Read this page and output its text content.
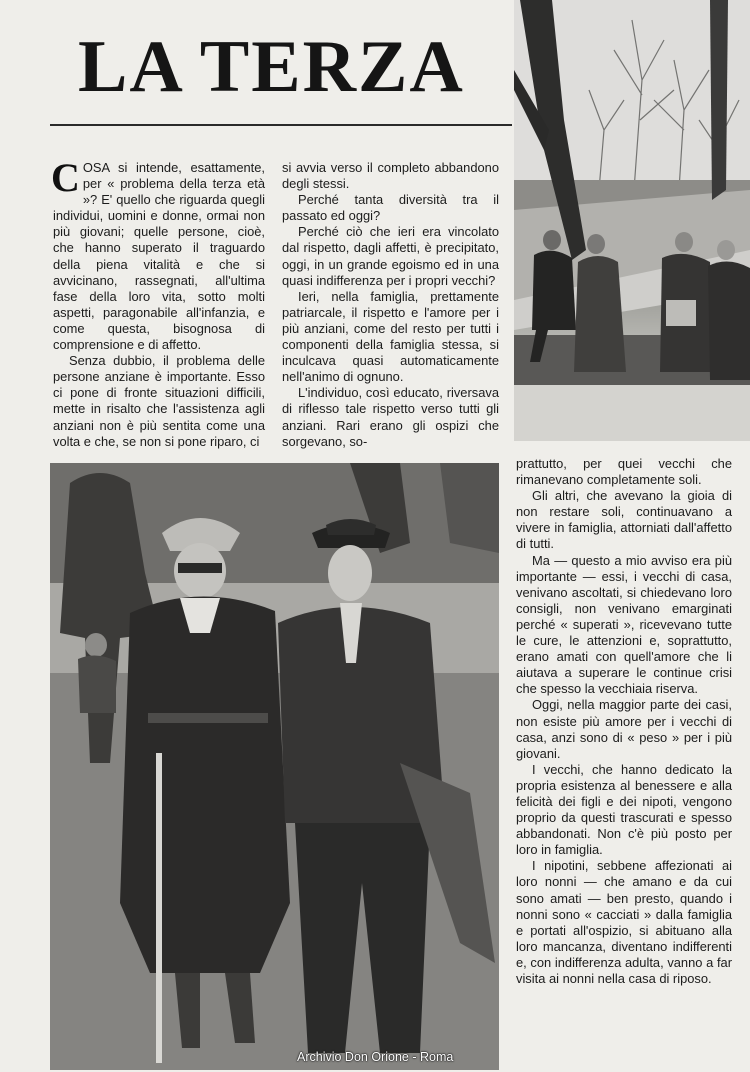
LA TERZA

COSA si intende, esattamente, per « problema della terza età »? E' quello che riguarda quegli individui, uomini e donne, ormai non più giovani; quelle persone, cioè, che hanno superato il traguardo della piena vitalità e che si avvicinano, rassegnati, all'ultima fase della loro vita, sotto molti aspetti, paragonabile all'infanzia, e come questa, bisognosa di comprensione e di affetto.

Senza dubbio, il problema delle persone anziane è importante. Esso ci pone di fronte situazioni difficili, mette in risalto che l'assistenza agli anziani non è più sentita come una volta e che, se non si pone riparo, ci

si avvia verso il completo abbandono degli stessi.

Perché tanta diversità tra il passato ed oggi?

Perché ciò che ieri era vincolato dal rispetto, dagli affetti, è precipitato, oggi, in un grande egoismo ed in una quasi indifferenza per i propri vecchi?

Ieri, nella famiglia, prettamente patriarcale, il rispetto e l'amore per i più anziani, come del resto per tutti i componenti della famiglia stessa, si inculcava quasi automaticamente nell'animo di ognuno.

L'individuo, così educato, riversava di riflesso tale rispetto verso tutti gli anziani. Rari erano gli ospizi che sorgevano, so-

prattutto, per quei vecchi che rimanevano completamente soli.

Gli altri, che avevano la gioia di non restare soli, continuavano a vivere in famiglia, attorniati dall'affetto di tutti.

Ma — questo a mio avviso era più importante — essi, i vecchi di casa, venivano ascoltati, si chiedevano loro consigli, non venivano emarginati perché « superati », ricevevano tutte le cure, le attenzioni e, soprattutto, erano amati con quell'amore che li aiutava a superare le continue crisi che spesso la vecchiaia riserva.

Oggi, nella maggior parte dei casi, non esiste più amore per i vecchi di casa, anzi sono di « peso » per i più giovani.

I vecchi, che hanno dedicato la propria esistenza al benessere e alla felicità dei figli e dei nipoti, vengono proprio da questi trascurati e spesso abbandonati. Non c'è più posto per loro in famiglia.

I nipotini, sebbene affezionati ai loro nonni — che amano e da cui sono amati — ben presto, quando i nonni sono « cacciati » dalla famiglia e portati all'ospizio, si abituano alla loro mancanza, diventano indifferenti e, con indifferenza adulta, vanno a far visita ai nonni nella casa di riposo.

Archivio Don Orione - Roma
